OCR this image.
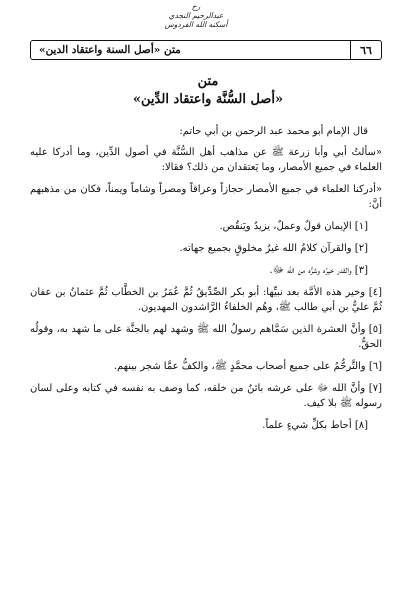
رخ
عبدالرحيم النجدي
أسكنه الله الفردوس
٦٦
متن «أصل السنة واعتقاد الدين»
متن
«أصل السُّنَّة واعتقاد الدِّين»

قال الإمام أبو محمد عبد الرحمن بن أبي حاتم:

«سألتُ أبي وأبا زرعة ﷺ عن مذاهب أهل السُّنَّة في أصول الدِّين، وما أدركا عليه العلماء في جميع الأمصار، وما يَعتقدان من ذلك؟ فقالا:

«أدركنا العلماء في جميع الأمصار حجازاً وعراقاً ومصراً وشاماً ويمناً، فكان من مذهبهم أنَّ:

[١] الإيمان قولٌ وعملٌ، يزيدُ ويَنقُص.

[٢] والقرآن كلامُ الله غيرُ مخلوقٍ بجميع جهاته.

[٣] والقدر خيرُه وشرُّه من الله ﷻ.

[٤] وخير هذه الأمَّة بعد نبيِّها: أبو بكر الصِّدِّيقُ ثُمَّ عُمَرُ بن الخطَّاب ثُمَّ عثمانُ بن عفان ثُمَّ عليُّ بن أبي طالب ﷺ، وهُم الخلفاءُ الرَّاشدون المهديون.

[٥] وأنَّ العشرة الذين سَمَّاهم رسولُ الله ﷺ وشهد لهم بالجنَّة على ما شهد به، وقولُه الحقُّ.

[٦] والتَّرحُّمُ على جميع أصحاب محمَّدٍ ﷺ، والكفُّ عمَّا شجر بينهم.

[٧] وأنَّ الله ﷻ على عرشه بائنٌ من خلقه، كما وصف به نفسه في كتابه وعلى لسان رسوله ﷺ بلا كيف.

[٨] أحاط بكلِّ شيءٍ علماً.
